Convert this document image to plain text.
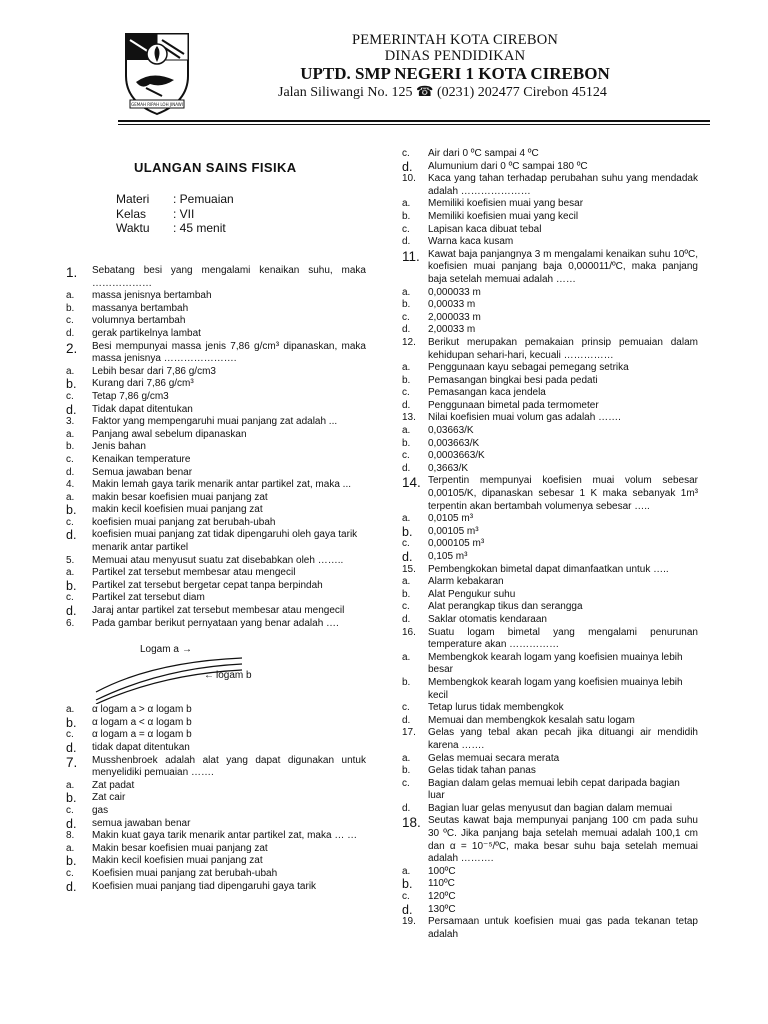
GEMAH RIPAH LOH JINAWI
PEMERINTAH KOTA CIREBON
DINAS PENDIDIKAN
UPTD. SMP NEGERI 1 KOTA CIREBON
Jalan Siliwangi No. 125 ☎ (0231) 202477 Cirebon 45124
ULANGAN SAINS FISIKA
Materi	: Pemuaian
Kelas	: VII
Waktu	: 45 menit
1. Sebatang besi yang mengalami kenaikan suhu, maka ………………
a. massa jenisnya bertambah
b. massanya bertambah
c. volumnya bertambah
d. gerak partikelnya lambat
2. Besi mempunyai massa jenis 7,86 g/cm³ dipanaskan, maka massa jenisnya ………………….
a. Lebih besar dari 7,86 g/cm3
b. Kurang dari 7,86 g/cm³
c. Tetap 7,86 g/cm3
d. Tidak dapat ditentukan
3. Faktor yang mempengaruhi muai panjang zat adalah ...
a. Panjang awal sebelum dipanaskan
b. Jenis bahan
c. Kenaikan temperature
d. Semua jawaban benar
4. Makin lemah gaya tarik menarik antar partikel zat, maka ...
a. makin besar koefisien muai panjang zat
b. makin kecil koefisien muai panjang zat
c. koefisien muai panjang zat berubah-ubah
d. koefisien muai panjang zat tidak dipengaruhi oleh gaya tarik menarik antar partikel
5. Memuai atau menyusut suatu zat disebabkan oleh ……..
a. Partikel zat tersebut membesar atau mengecil
b. Partikel zat tersebut bergetar cepat tanpa berpindah
c. Partikel zat tersebut diam
d. Jaraj antar partikel zat tersebut membesar atau mengecil
6. Pada gambar berikut pernyataan yang benar adalah ….
Logam a →
← logam b
a. α logam a > α logam b
b. α logam a < α logam b
c. α logam a = α logam b
d. tidak dapat ditentukan
7. Musshenbroek adalah alat yang dapat digunakan untuk menyelidiki pemuaian …….
a. Zat padat
b. Zat cair
c. gas
d. semua jawaban benar
8. Makin kuat gaya tarik menarik antar partikel zat, maka … …
a. Makin besar koefisien muai panjang zat
b. Makin kecil koefisien muai panjang zat
c. Koefisien muai panjang zat berubah-ubah
d. Koefisien muai panjang tiad dipengaruhi gaya tarik
c. Air dari 0 ºC sampai 4 ºC
d. Alumunium dari 0 ºC sampai 180 ºC
10. Kaca yang tahan terhadap perubahan suhu yang mendadak adalah …………………
a. Memiliki koefisien muai yang besar
b. Memiliki koefisien muai yang kecil
c. Lapisan kaca dibuat tebal
d. Warna kaca kusam
11. Kawat baja panjangnya 3 m mengalami kenaikan suhu 10ºC, koefisien muai panjang baja 0,000011/ºC, maka panjang baja setelah memuai adalah ……
a. 0,000033 m
b. 0,00033 m
c. 2,000033 m
d. 2,00033 m
12. Berikut merupakan pemakaian prinsip pemuaian dalam kehidupan sehari-hari, kecuali ……………
a. Penggunaan kayu sebagai pemegang setrika
b. Pemasangan bingkai besi pada pedati
c. Pemasangan kaca jendela
d. Penggunaan bimetal pada termometer
13. Nilai koefisien muai volum gas adalah …….
a. 0,03663/K
b. 0,003663/K
c. 0,0003663/K
d. 0,3663/K
14. Terpentin mempunyai koefisien muai volum sebesar 0,00105/K, dipanaskan sebesar 1 K maka sebanyak 1m³ terpentin akan bertambah volumenya sebesar …..
a. 0,0105 m³
b. 0,00105 m³
c. 0,000105 m³
d. 0,105 m³
15. Pembengkokan bimetal dapat dimanfaatkan untuk …..
a. Alarm kebakaran
b. Alat Pengukur suhu
c. Alat perangkap tikus dan serangga
d. Saklar otomatis kendaraan
16. Suatu logam bimetal yang mengalami penurunan temperature akan ……………
a. Membengkok kearah logam yang koefisien muainya lebih besar
b. Membengkok kearah logam yang koefisien muainya lebih kecil
c. Tetap lurus tidak membengkok
d. Memuai dan membengkok kesalah satu logam
17. Gelas yang tebal akan pecah jika dituangi air mendidih karena …….
a. Gelas memuai secara merata
b. Gelas tidak tahan panas
c. Bagian dalam gelas memuai lebih cepat daripada bagian luar
d. Bagian luar gelas menyusut dan bagian dalam memuai
18. Seutas kawat baja mempunyai panjang 100 cm pada suhu 30 ºC. Jika panjang baja setelah memuai adalah 100,1 cm dan α = 10⁻⁵/ºC, maka besar suhu baja setelah memuai adalah ……….
a. 100ºC
b. 110ºC
c. 120ºC
d. 130ºC
19. Persamaan untuk koefisien muai gas pada tekanan tetap adalah
